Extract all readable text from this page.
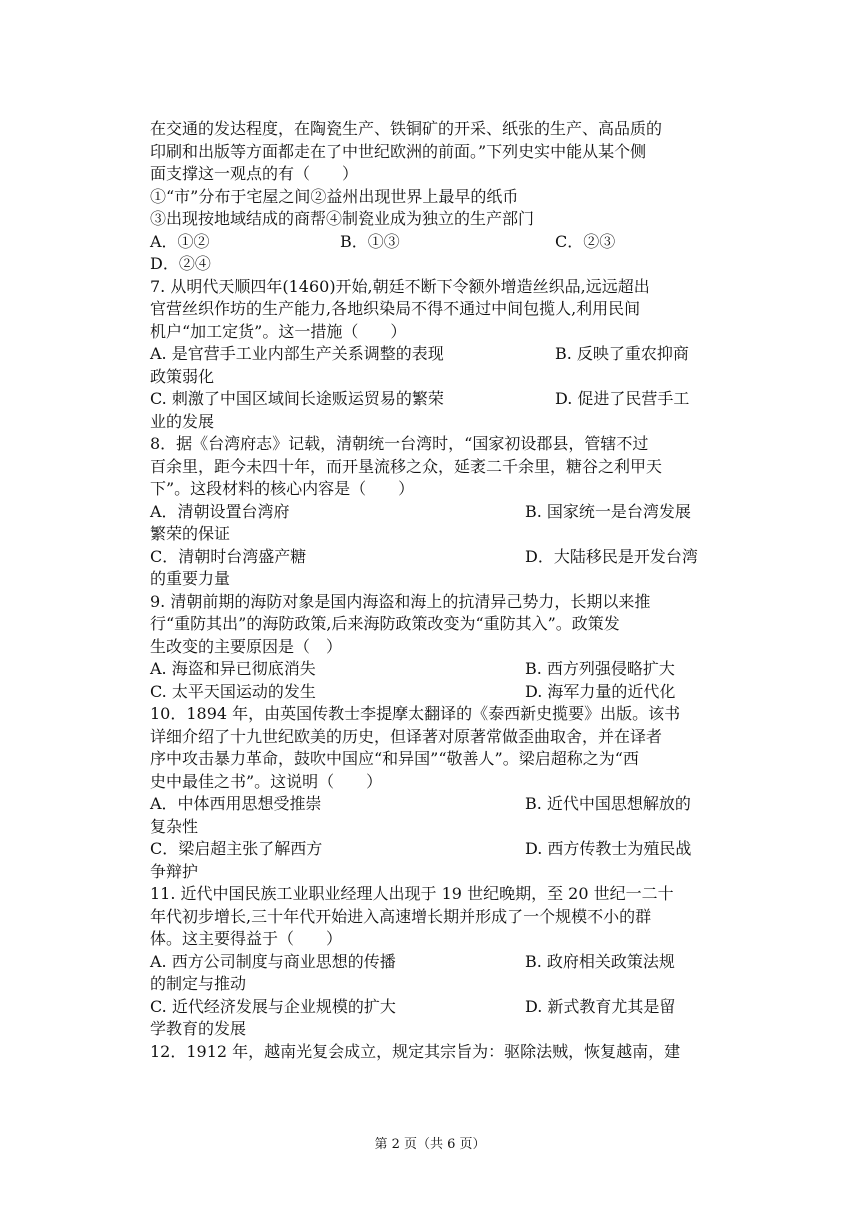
在交通的发达程度，在陶瓷生产、铁铜矿的开采、纸张的生产、高品质的
印刷和出版等方面都走在了中世纪欧洲的前面。”下列史实中能从某个侧
面支撑这一观点的有（　　）
①“市”分布于宅屋之间②益州出现世界上最早的纸币
③出现按地域结成的商帮④制瓷业成为独立的生产部门
A．①②	B．①③	C．②③
D．②④
7. 从明代天顺四年(1460)开始,朝廷不断下令额外增造丝织品,远远超出
官营丝织作坊的生产能力,各地织染局不得不通过中间包揽人,利用民间
机户“加工定货”。这一措施（　　）
A. 是官营手工业内部生产关系调整的表现	B. 反映了重农抑商
政策弱化
C. 刺激了中国区域间长途贩运贸易的繁荣	D. 促进了民营手工
业的发展
8．据《台湾府志》记载，清朝统一台湾时，“国家初设郡县，管辖不过
百余里，距今未四十年，而开垦流移之众，延袤二千余里，糖谷之利甲天
下”。这段材料的核心内容是（　　）
A．清朝设置台湾府	B. 国家统一是台湾发展
繁荣的保证
C．清朝时台湾盛产糖	D．大陆移民是开发台湾
的重要力量
9. 清朝前期的海防对象是国内海盗和海上的抗清异己势力，长期以来推
行“重防其出”的海防政策,后来海防政策改变为“重防其入”。政策发
生改变的主要原因是（　）
A. 海盗和异已彻底消失	B. 西方列强侵略扩大
C. 太平天国运动的发生	D. 海军力量的近代化
10．1894 年，由英国传教士李提摩太翻译的《泰西新史揽要》出版。该书
详细介绍了十九世纪欧美的历史，但译著对原著常做歪曲取舍，并在译者
序中攻击暴力革命，鼓吹中国应“和异国”“敬善人”。梁启超称之为“西
史中最佳之书”。这说明（　　）
A．中体西用思想受推崇	B. 近代中国思想解放的
复杂性
C．梁启超主张了解西方	D. 西方传教士为殖民战
争辩护
11. 近代中国民族工业职业经理人出现于 19 世纪晚期，至 20 世纪一二十
年代初步增长,三十年代开始进入高速增长期并形成了一个规模不小的群
体。这主要得益于（　　）
A. 西方公司制度与商业思想的传播	B. 政府相关政策法规
的制定与推动
C. 近代经济发展与企业规模的扩大	D. 新式教育尤其是留
学教育的发展
12．1912 年，越南光复会成立，规定其宗旨为：驱除法贼，恢复越南，建
第 2 页（共 6 页）
